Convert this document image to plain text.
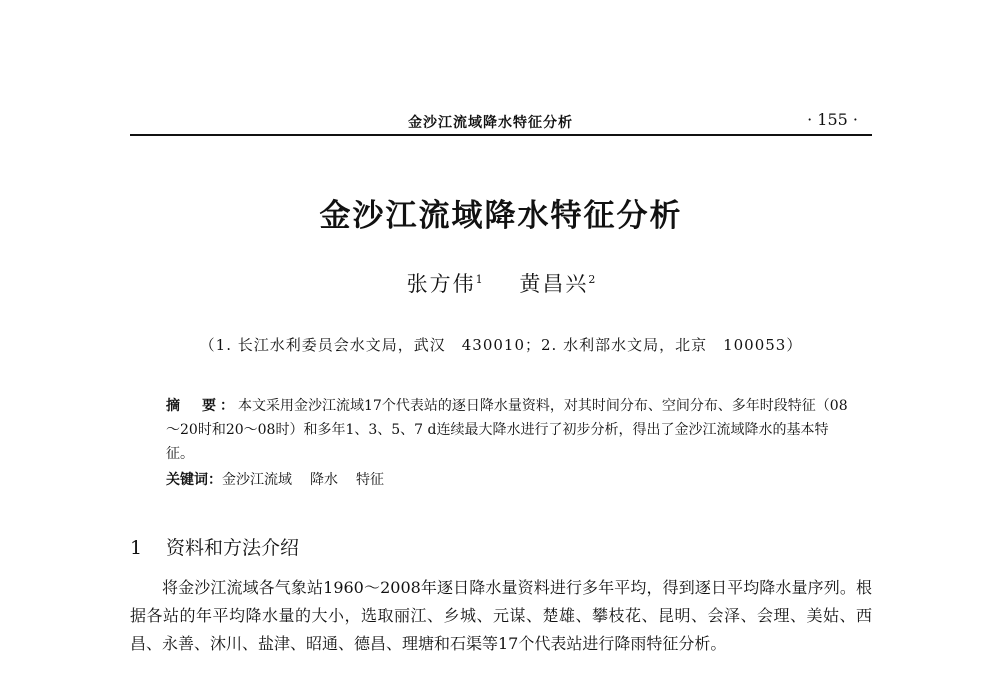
金沙江流域降水特征分析	· 155 ·
金沙江流域降水特征分析
张方伟$^1$ 黄昌兴$^2$
（1. 长江水利委员会水文局，武汉　430010；2. 水利部水文局，北京　100053）
摘　要：本文采用金沙江流域17个代表站的逐日降水量资料，对其时间分布、空间分布、多年时段特征（08～20时和20～08时）和多年1、3、5、7 d连续最大降水进行了初步分析，得出了金沙江流域降水的基本特征。
关键词：金沙江流域 降水 特征
1 资料和方法介绍
将金沙江流域各气象站1960～2008年逐日降水量资料进行多年平均，得到逐日平均降水量序列。根据各站的年平均降水量的大小，选取丽江、乡城、元谋、楚雄、攀枝花、昆明、会泽、会理、美姑、西昌、永善、沐川、盐津、昭通、德昌、理塘和石渠等17个代表站进行降雨特征分析。
